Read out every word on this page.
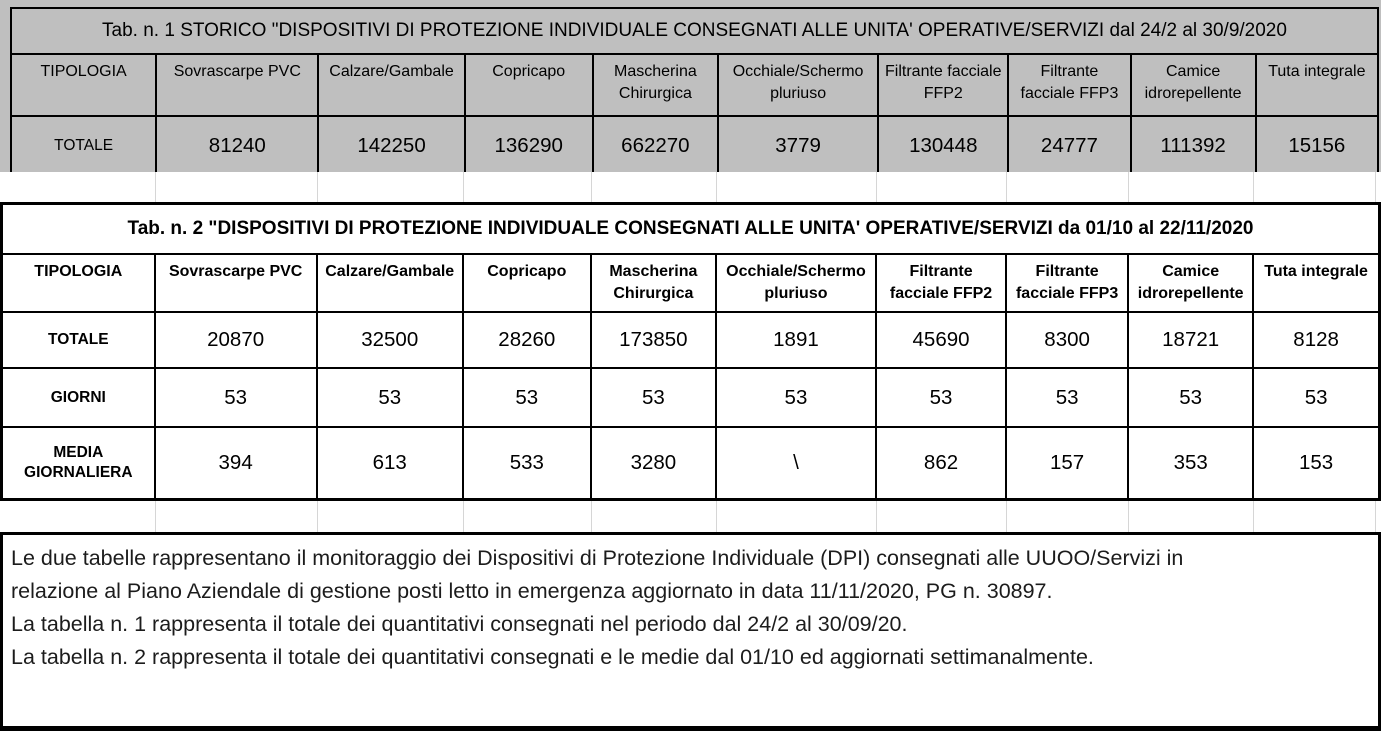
Tab. n. 1 STORICO "DISPOSITIVI DI PROTEZIONE INDIVIDUALE CONSEGNATI ALLE UNITA' OPERATIVE/SERVIZI dal 24/2 al 30/9/2020									
TIPOLOGIA	Sovrascarpe PVC	Calzare/Gambale	Copricapo	Mascherina Chirurgica	Occhiale/Schermo pluriuso	Filtrante facciale FFP2	Filtrante facciale FFP3	Camice idrorepellente	Tuta integrale
TOTALE	81240	142250	136290	662270	3779	130448	24777	111392	15156
Tab. n. 2 "DISPOSITIVI DI PROTEZIONE INDIVIDUALE CONSEGNATI ALLE UNITA' OPERATIVE/SERVIZI da 01/10 al 22/11/2020									
TIPOLOGIA	Sovrascarpe PVC	Calzare/Gambale	Copricapo	Mascherina Chirurgica	Occhiale/Schermo pluriuso	Filtrante facciale FFP2	Filtrante facciale FFP3	Camice idrorepellente	Tuta integrale
TOTALE	20870	32500	28260	173850	1891	45690	8300	18721	8128
GIORNI	53	53	53	53	53	53	53	53	53
MEDIA GIORNALIERA	394	613	533	3280	\	862	157	353	153
Le due tabelle rappresentano il monitoraggio dei Dispositivi di Protezione Individuale (DPI) consegnati alle UUOO/Servizi in
relazione al Piano Aziendale di gestione posti letto in emergenza aggiornato in data 11/11/2020, PG n. 30897.
La tabella n. 1 rappresenta il totale dei quantitativi consegnati nel periodo dal 24/2 al 30/09/20.
La tabella n. 2 rappresenta il totale dei quantitativi consegnati e le medie dal 01/10 ed aggiornati settimanalmente.
